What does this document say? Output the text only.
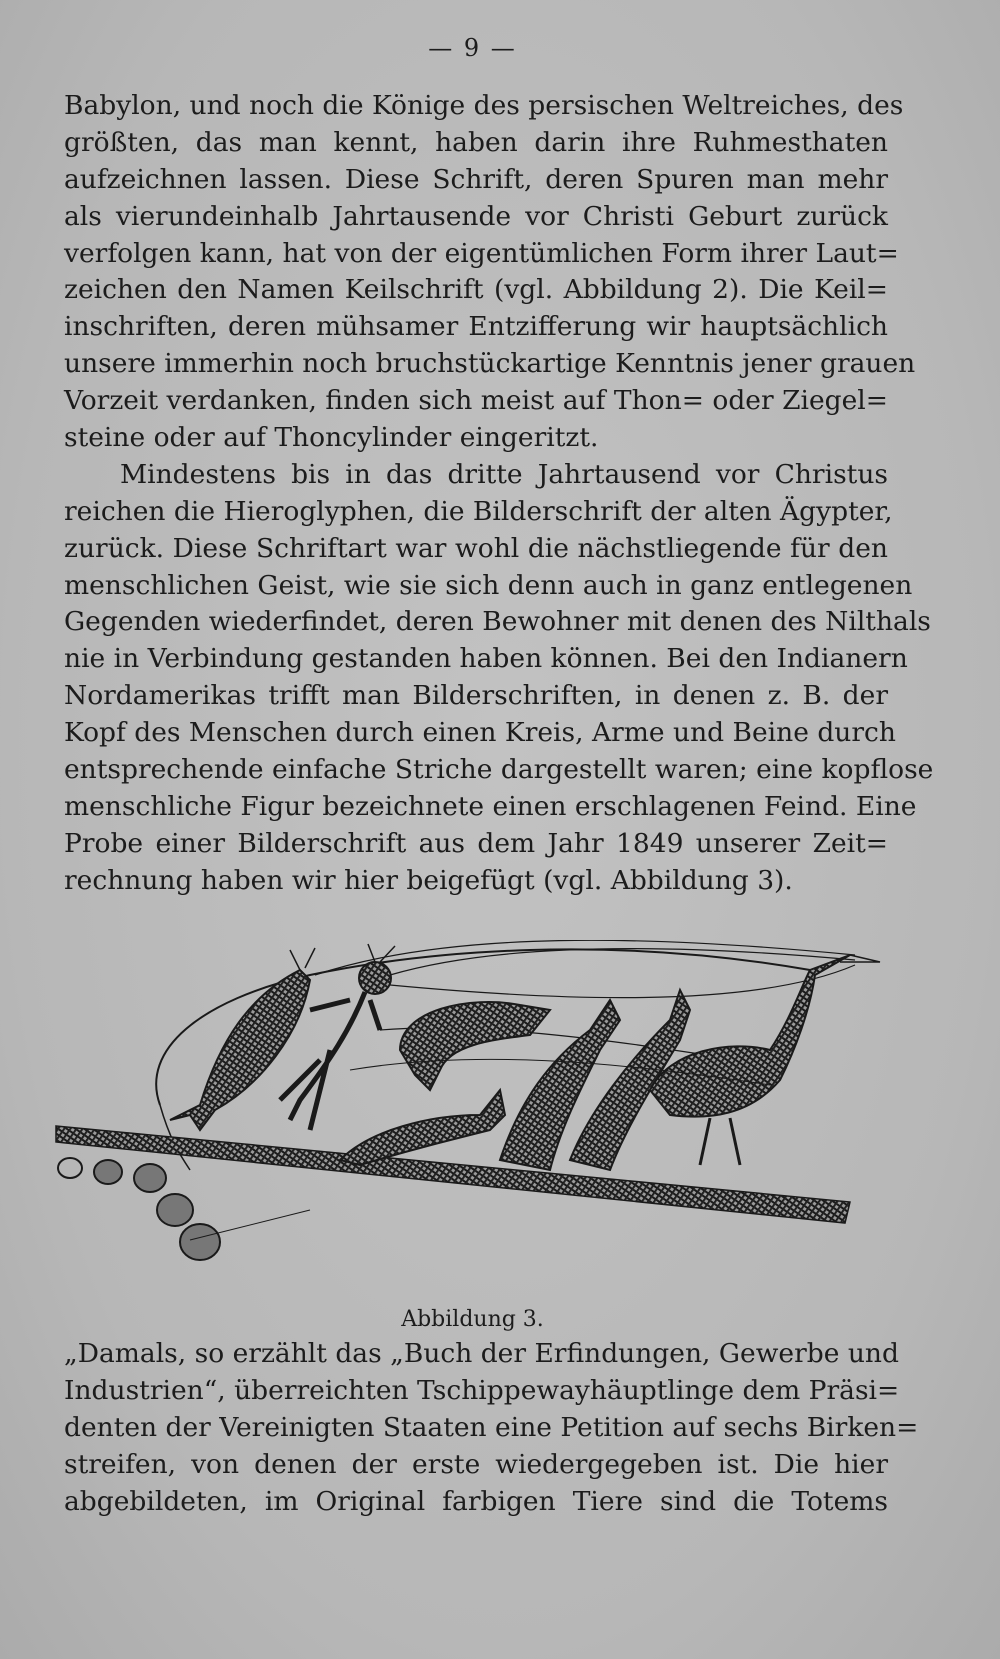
— 9 —
Babylon, und noch die Könige des persischen Weltreiches, des
größten, das man kennt, haben darin ihre Ruhmesthaten
aufzeichnen lassen. Diese Schrift, deren Spuren man mehr
als vierundeinhalb Jahrtausende vor Christi Geburt zurück
verfolgen kann, hat von der eigentümlichen Form ihrer Laut=
zeichen den Namen Keilschrift (vgl. Abbildung 2). Die Keil=
inschriften, deren mühsamer Entzifferung wir hauptsächlich
unsere immerhin noch bruchstückartige Kenntnis jener grauen
Vorzeit verdanken, finden sich meist auf Thon= oder Ziegel=
steine oder auf Thoncylinder eingeritzt.
Mindestens bis in das dritte Jahrtausend vor Christus
reichen die Hieroglyphen, die Bilderschrift der alten Ägypter,
zurück. Diese Schriftart war wohl die nächstliegende für den
menschlichen Geist, wie sie sich denn auch in ganz entlegenen
Gegenden wiederfindet, deren Bewohner mit denen des Nilthals
nie in Verbindung gestanden haben können. Bei den Indianern
Nordamerikas trifft man Bilderschriften, in denen z. B. der
Kopf des Menschen durch einen Kreis, Arme und Beine durch
entsprechende einfache Striche dargestellt waren; eine kopflose
menschliche Figur bezeichnete einen erschlagenen Feind. Eine
Probe einer Bilderschrift aus dem Jahr 1849 unserer Zeit=
rechnung haben wir hier beigefügt (vgl. Abbildung 3).
Abbildung 3.
„Damals, so erzählt das „Buch der Erfindungen, Gewerbe und
Industrien“, überreichten Tschippewayhäuptlinge dem Präsi=
denten der Vereinigten Staaten eine Petition auf sechs Birken=
streifen, von denen der erste wiedergegeben ist. Die hier
abgebildeten, im Original farbigen Tiere sind die Totems
